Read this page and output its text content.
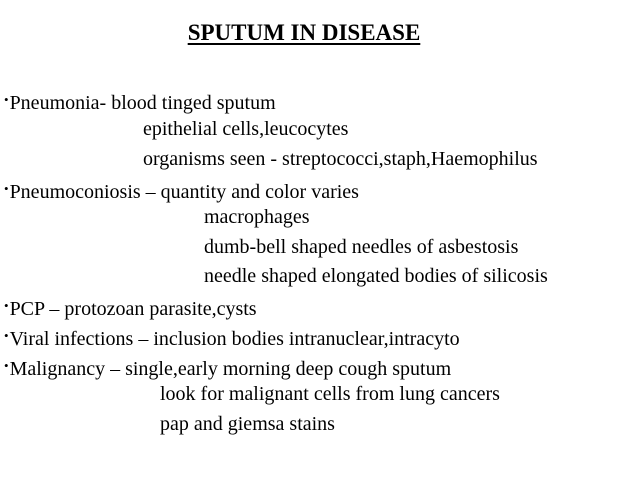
SPUTUM IN DISEASE
•Pneumonia- blood tinged sputum
epithelial cells,leucocytes
organisms seen - streptococci,staph,Haemophilus
•Pneumoconiosis – quantity and color varies
macrophages
dumb-bell shaped needles of asbestosis
needle shaped elongated bodies of silicosis
•PCP – protozoan parasite,cysts
•Viral infections – inclusion bodies intranuclear,intracyto
•Malignancy – single,early morning deep cough sputum
look for malignant cells from lung cancers
pap and giemsa stains
